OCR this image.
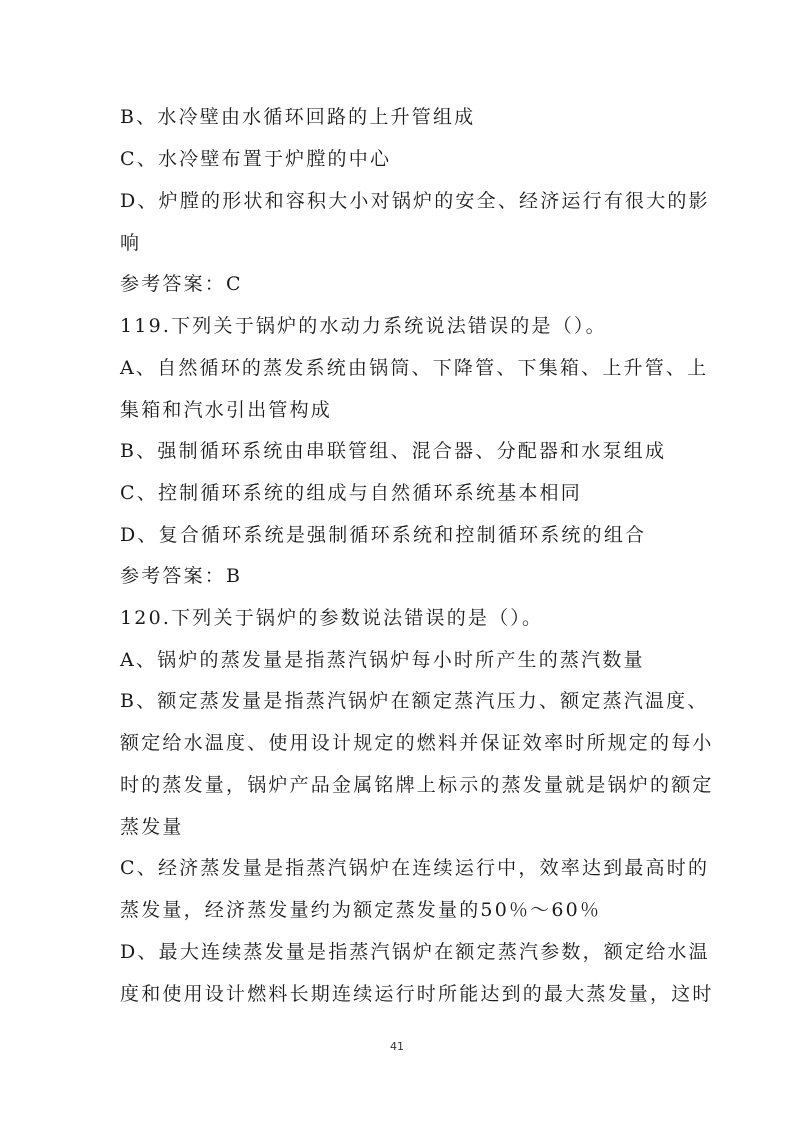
B、水冷壁由水循环回路的上升管组成
C、水冷壁布置于炉膛的中心
D、炉膛的形状和容积大小对锅炉的安全、经济运行有很大的影
响
参考答案：C
119.下列关于锅炉的水动力系统说法错误的是（）。
A、自然循环的蒸发系统由锅筒、下降管、下集箱、上升管、上
集箱和汽水引出管构成
B、强制循环系统由串联管组、混合器、分配器和水泵组成
C、控制循环系统的组成与自然循环系统基本相同
D、复合循环系统是强制循环系统和控制循环系统的组合
参考答案：B
120.下列关于锅炉的参数说法错误的是（）。
A、锅炉的蒸发量是指蒸汽锅炉每小时所产生的蒸汽数量
B、额定蒸发量是指蒸汽锅炉在额定蒸汽压力、额定蒸汽温度、
额定给水温度、使用设计规定的燃料并保证效率时所规定的每小
时的蒸发量，锅炉产品金属铭牌上标示的蒸发量就是锅炉的额定
蒸发量
C、经济蒸发量是指蒸汽锅炉在连续运行中，效率达到最高时的
蒸发量，经济蒸发量约为额定蒸发量的50％～60％
D、最大连续蒸发量是指蒸汽锅炉在额定蒸汽参数，额定给水温
度和使用设计燃料长期连续运行时所能达到的最大蒸发量，这时
41
